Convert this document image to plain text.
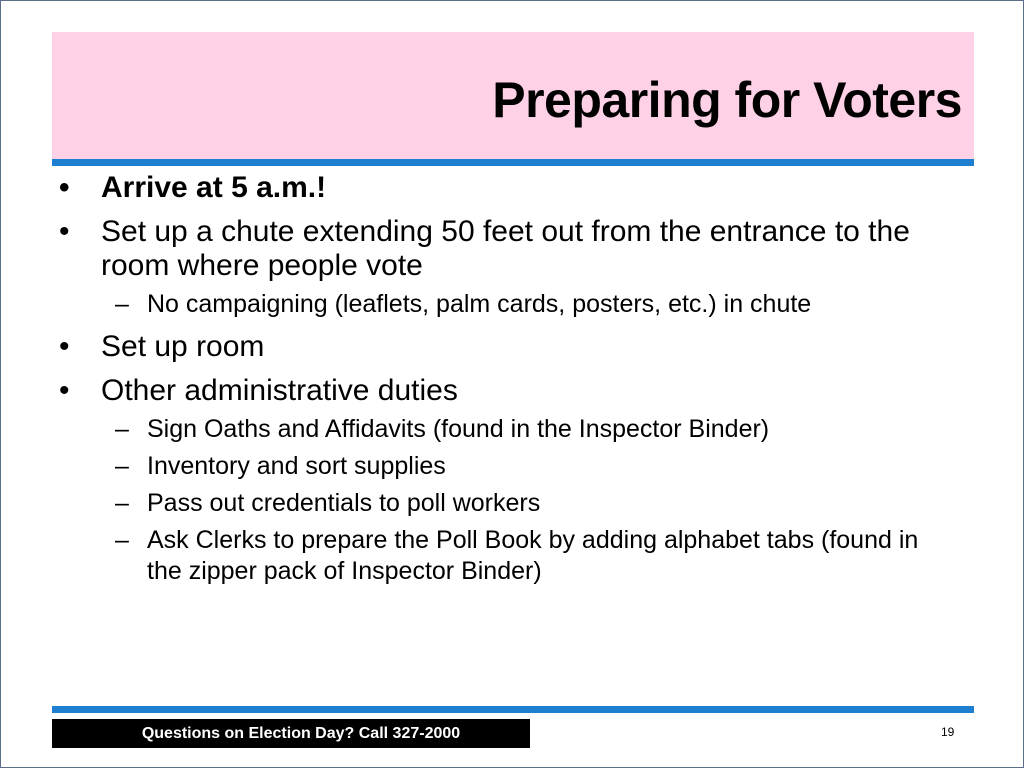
Preparing for Voters
• Arrive at 5 a.m.!
• Set up a chute extending 50 feet out from the entrance to the room where people vote
– No campaigning (leaflets, palm cards, posters, etc.) in chute
• Set up room
• Other administrative duties
– Sign Oaths and Affidavits (found in the Inspector Binder)
– Inventory and sort supplies
– Pass out credentials to poll workers
– Ask Clerks to prepare the Poll Book by adding alphabet tabs (found in the zipper pack of Inspector Binder)
Questions on Election Day? Call 327-2000	19
